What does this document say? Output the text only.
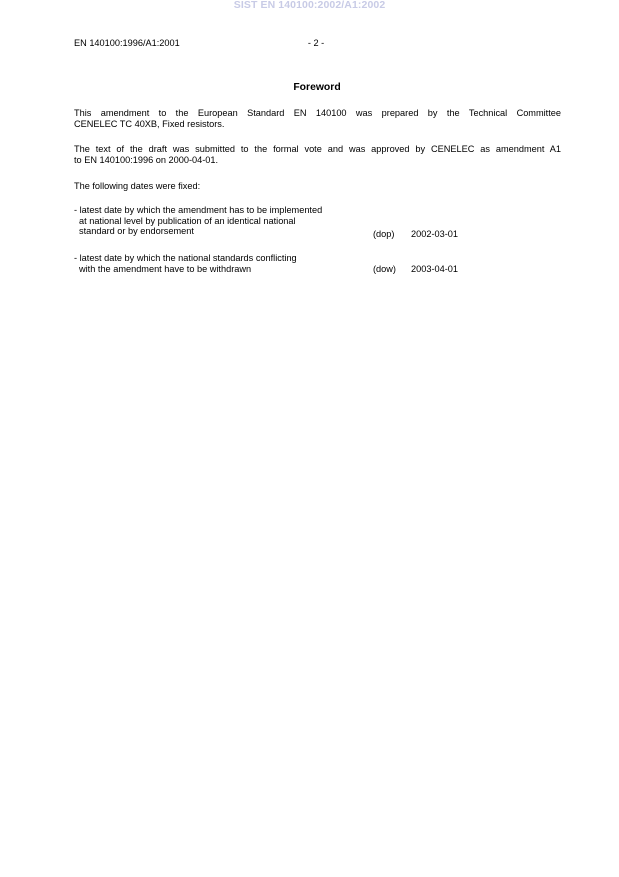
SIST EN 140100:2002/A1:2002
EN 140100:1996/A1:2001	- 2 -
Foreword
This amendment to the European Standard EN 140100 was prepared by the Technical Committee
CENELEC TC 40XB, Fixed resistors.
The text of the draft was submitted to the formal vote and was approved by CENELEC as amendment A1
to EN 140100:1996 on 2000-04-01.
The following dates were fixed:
- latest date by which the amendment has to be implemented
at national level by publication of an identical national
standard or by endorsement	(dop)	2002-03-01
- latest date by which the national standards conflicting
with the amendment have to be withdrawn	(dow)	2003-04-01
